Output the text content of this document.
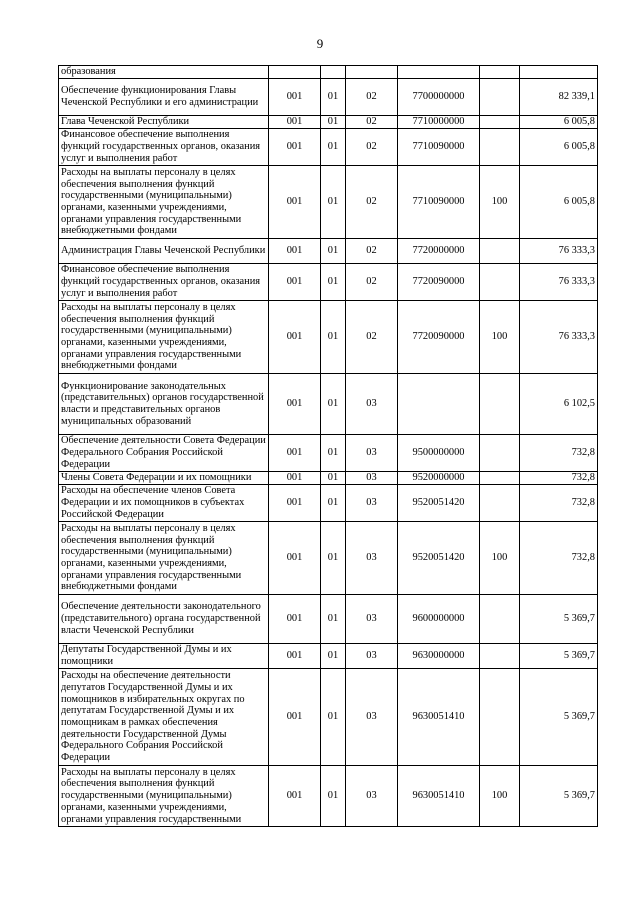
9
образования						
Обеспечение функционирования Главы Чеченской Республики и его администрации	001	01	02	7700000000		82 339,1
Глава Чеченской Республики	001	01	02	7710000000		6 005,8
Финансовое обеспечение выполнения функций государственных органов, оказания услуг и выполнения работ	001	01	02	7710090000		6 005,8
Расходы на выплаты персоналу в целях обеспечения выполнения функций государственными (муниципальными) органами, казенными учреждениями, органами управления государственными внебюджетными фондами	001	01	02	7710090000	100	6 005,8
Администрация Главы Чеченской Республики	001	01	02	7720000000		76 333,3
Финансовое обеспечение выполнения функций государственных органов, оказания услуг и выполнения работ	001	01	02	7720090000		76 333,3
Расходы на выплаты персоналу в целях обеспечения выполнения функций государственными (муниципальными) органами, казенными учреждениями, органами управления государственными внебюджетными фондами	001	01	02	7720090000	100	76 333,3
Функционирование законодательных (представительных) органов государственной власти и представительных органов муниципальных образований	001	01	03			6 102,5
Обеспечение деятельности Совета Федерации Федерального Собрания Российской Федерации	001	01	03	9500000000		732,8
Члены Совета Федерации и их помощники	001	01	03	9520000000		732,8
Расходы на обеспечение членов Совета Федерации и их помощников в субъектах Российской Федерации	001	01	03	9520051420		732,8
Расходы на выплаты персоналу в целях обеспечения выполнения функций государственными (муниципальными) органами, казенными учреждениями, органами управления государственными внебюджетными фондами	001	01	03	9520051420	100	732,8
Обеспечение деятельности законодательного (представительного) органа государственной власти Чеченской Республики	001	01	03	9600000000		5 369,7
Депутаты Государственной Думы и их помощники	001	01	03	9630000000		5 369,7
Расходы на обеспечение деятельности депутатов Государственной Думы и их помощников в избирательных округах по депутатам Государственной Думы и их помощникам в рамках обеспечения деятельности Государственной Думы Федерального Собрания Российской Федерации	001	01	03	9630051410		5 369,7
Расходы на выплаты персоналу в целях обеспечения выполнения функций государственными (муниципальными) органами, казенными учреждениями, органами управления государственными	001	01	03	9630051410	100	5 369,7
